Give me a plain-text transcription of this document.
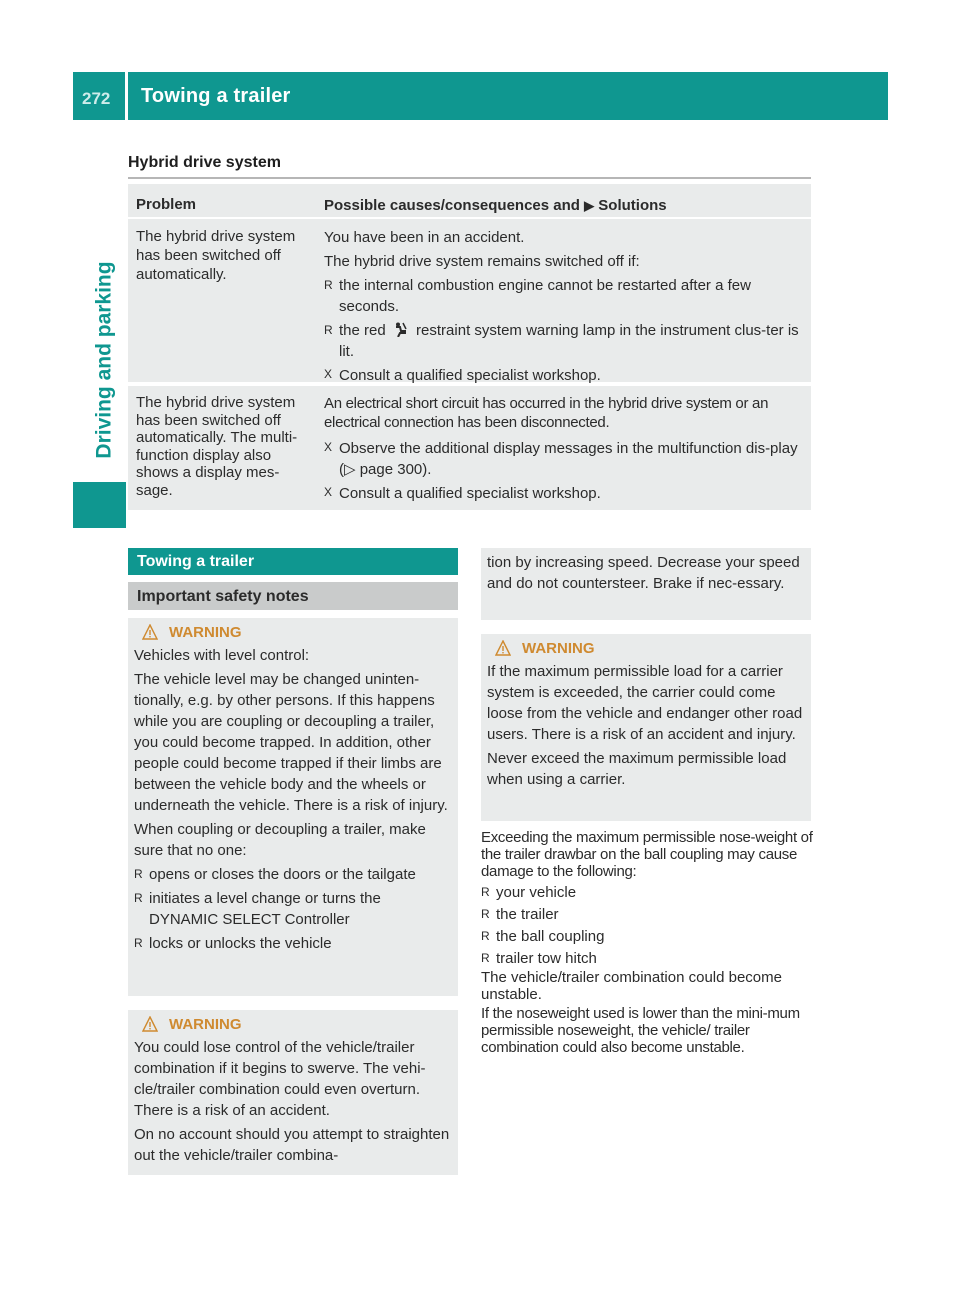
272 Towing a trailer
Driving and parking
Hybrid drive system
Problem	Possible causes/consequences and ▶ Solutions

The hybrid drive system has been switched off automatically.

You have been in an accident.

The hybrid drive system remains switched off if:

R the internal combustion engine cannot be restarted after a few seconds.
R the red restraint system warning lamp in the instrument clus-ter is lit.
X Consult a qualified specialist workshop.

The hybrid drive system has been switched off automatically. The multi-function display also shows a display mes-sage.

An electrical short circuit has occurred in the hybrid drive system or an electrical connection has been disconnected.

X Observe the additional display messages in the multifunction dis-play (▷ page 300).
X Consult a qualified specialist workshop.
Towing a trailer
Important safety notes
WARNING

Vehicles with level control:

The vehicle level may be changed uninten-tionally, e.g. by other persons. If this happens while you are coupling or decoupling a trailer, you could become trapped. In addition, other people could become trapped if their limbs are between the vehicle body and the wheels or underneath the vehicle. There is a risk of injury.

When coupling or decoupling a trailer, make sure that no one:

R opens or closes the doors or the tailgate
R initiates a level change or turns the DYNAMIC SELECT Controller
R locks or unlocks the vehicle
WARNING

You could lose control of the vehicle/trailer combination if it begins to swerve. The vehi-cle/trailer combination could even overturn. There is a risk of an accident.

On no account should you attempt to straighten out the vehicle/trailer combina-

tion by increasing speed. Decrease your speed and do not countersteer. Brake if nec-essary.

WARNING

If the maximum permissible load for a carrier system is exceeded, the carrier could come loose from the vehicle and endanger other road users. There is a risk of an accident and injury.

Never exceed the maximum permissible load when using a carrier.

Exceeding the maximum permissible nose-weight of the trailer drawbar on the ball coupling may cause damage to the following:

R your vehicle
R the trailer
R the ball coupling
R trailer tow hitch

The vehicle/trailer combination could become unstable.

If the noseweight used is lower than the mini-mum permissible noseweight, the vehicle/ trailer combination could also become unstable.
